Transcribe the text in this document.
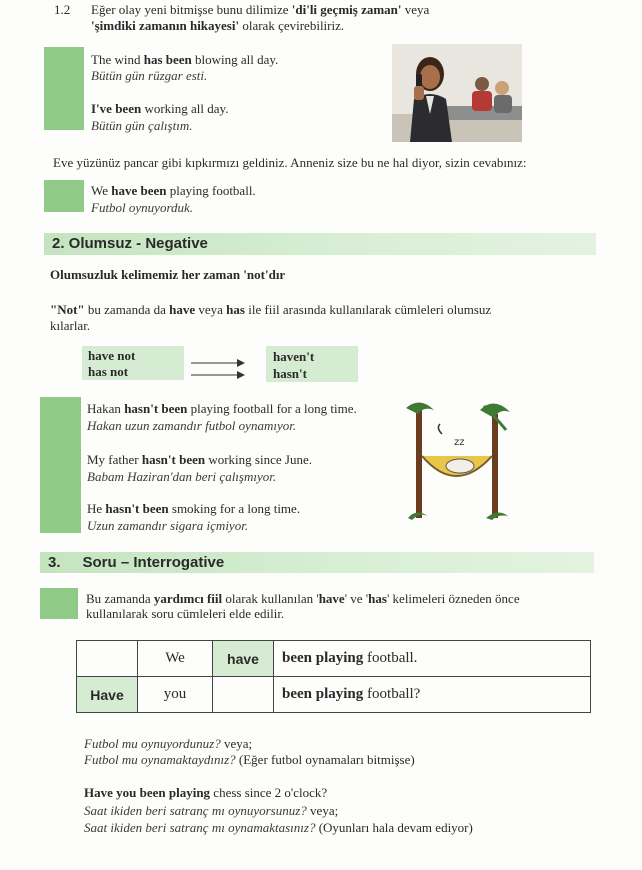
1.2 Eğer olay yeni bitmişse bunu dilimize 'di'li geçmiş zaman' veya
'şimdiki zamanın hikayesi' olarak çevirebiliriz.
The wind has been blowing all day.
Bütün gün rüzgar esti.
I've been working all day.
Bütün gün çalıştım.
Eve yüzünüz pancar gibi kıpkırmızı geldiniz. Anneniz size bu ne hal diyor, sizin cevabınız:
We have been playing football.
Futbol oynuyorduk.
2. Olumsuz - Negative
Olumsuzluk kelimemiz her zaman 'not'dır
"Not" bu zamanda da have veya has ile fiil arasında kullanılarak cümleleri olumsuz
kılarlar.
have not
has not
haven't
hasn't
Hakan hasn't been playing football for a long time.
Hakan uzun zamandır futbol oynamıyor.
My father hasn't been working since June.
Babam Haziran'dan beri çalışmıyor.
He hasn't been smoking for a long time.
Uzun zamandır sigara içmiyor.
zz
3. Soru – Interrogative
Bu zamanda yardımcı fiil olarak kullanılan 'have' ve 'has' kelimeleri özneden önce
kullanılarak soru cümleleri elde edilir.
	We	have	been playing football.
Have	you		been playing football?
Futbol mu oynuyordunuz? veya;
Futbol mu oynamaktaydınız? (Eğer futbol oynamaları bitmişse)
Have you been playing chess since 2 o'clock?
Saat ikiden beri satranç mı oynuyorsunuz? veya;
Saat ikiden beri satranç mı oynamaktasınız? (Oyunları hala devam ediyor)
